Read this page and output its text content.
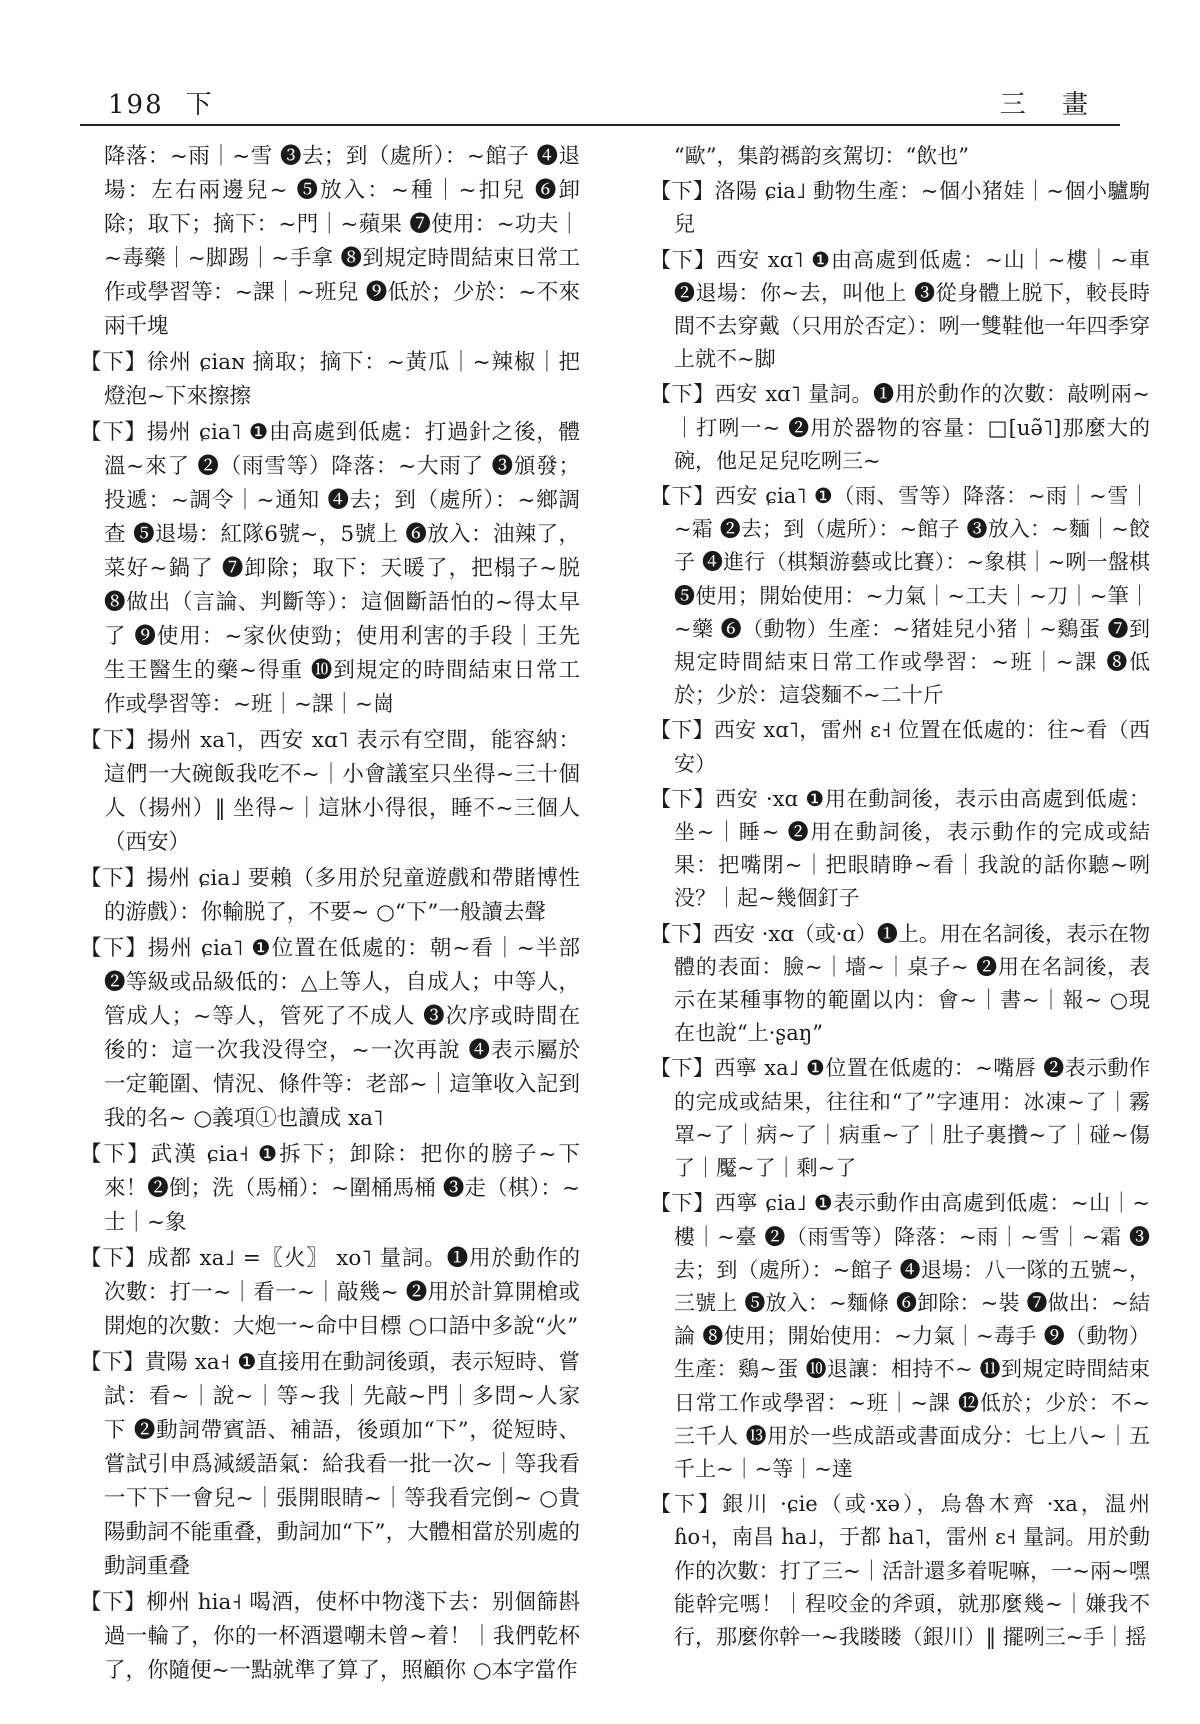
198 下	三 畫
降落：~雨｜~雪 ❸去；到（處所）：~館子 ❹退場：左右兩邊兒~ ❺放入：~種｜~扣兒 ❻卸除；取下；摘下：~門｜~蘋果 ❼使用：~功夫｜~毒藥｜~脚踢｜~手拿 ❽到規定時間結束日常工作或學習等：~課｜~班兒 ❾低於；少於：~不來兩千塊
【下】徐州 ɕiaɴ 摘取；摘下：~黃瓜｜~辣椒｜把燈泡~下來擦擦
【下】揚州 ɕia˥ ❶由高處到低處：打過針之後，體溫~來了 ❷（雨雪等）降落：~大雨了 ❸頒發；投遞：~調令｜~通知 ❹去；到（處所）：~鄉調查 ❺退場：紅隊6號~，5號上 ❻放入：油辣了，菜好~鍋了 ❼卸除；取下：天暖了，把榻子~脱 ❽做出（言論、判斷等）：這個斷語怕的~得太早了 ❾使用：~家伙使勁；使用利害的手段｜王先生王醫生的藥~得重 ❿到規定的時間結束日常工作或學習等：~班｜~課｜~崗
【下】揚州 xa˥，西安 xɑ˥ 表示有空間，能容納：這們一大碗飯我吃不~｜小會議室只坐得~三十個人（揚州）‖ 坐得~｜這牀小得很，睡不~三個人（西安）
【下】揚州 ɕia˩ 要賴（多用於兒童遊戲和帶賭博性的游戲）：你輸脱了，不要~ ○“下”一般讀去聲
【下】揚州 ɕia˥ ❶位置在低處的：朝~看｜~半部 ❷等級或品級低的：△上等人，自成人；中等人，管成人；~等人，管死了不成人 ❸次序或時間在後的：這一次我没得空，~一次再說 ❹表示屬於一定範圍、情況、條件等：老部~｜這筆收入記到我的名~ ○義項①也讀成 xa˥
【下】武漢 ɕia˧ ❶拆下；卸除：把你的膀子~下來！❷倒；洗（馬桶）：~圍桶馬桶 ❸走（棋）：~士｜~象
【下】成都 xa˩ =〖火〗 xo˥ 量詞。❶用於動作的次數：打一~｜看一~｜敲幾~ ❷用於計算開槍或開炮的次數：大炮一~命中目標 ○口語中多說“火”
【下】貴陽 xa˧ ❶直接用在動詞後頭，表示短時、嘗試：看~｜說~｜等~我｜先敲~門｜多問~人家下 ❷動詞帶賓語、補語，後頭加“下”，從短時、嘗試引申爲減緩語氣：給我看一批一次~｜等我看一下下一會兒~｜張開眼睛~｜等我看完倒~ ○貴陽動詞不能重叠，動詞加“下”，大體相當於别處的動詞重叠
【下】柳州 hia˧ 喝酒，使杯中物淺下去：别個篩斟過一輪了，你的一杯酒還嘲未曾~着！｜我們乾杯了，你隨便~一點就準了算了，照顧你 ○本字當作
“歐”，集韵禡韵亥駕切：“飲也”
【下】洛陽 ɕia˩ 動物生產：~個小猪娃｜~個小驢駒兒
【下】西安 xɑ˥ ❶由高處到低處：~山｜~樓｜~車 ❷退場：你~去，叫他上 ❸從身體上脱下，較長時間不去穿戴（只用於否定）：咧一雙鞋他一年四季穿上就不~脚
【下】西安 xɑ˥ 量詞。❶用於動作的次數：敲咧兩~｜打咧一~ ❷用於器物的容量：□[uə̃˥]那麼大的碗，他足足兒吃咧三~
【下】西安 ɕia˥ ❶（雨、雪等）降落：~雨｜~雪｜~霜 ❷去；到（處所）：~館子 ❸放入：~麵｜~餃子 ❹進行（棋類游藝或比賽）：~象棋｜~咧一盤棋 ❺使用；開始使用：~力氣｜~工夫｜~刀｜~筆｜~藥 ❻（動物）生產：~猪娃兒小猪｜~鷄蛋 ❼到規定時間結束日常工作或學習：~班｜~課 ❽低於；少於：這袋麵不~二十斤
【下】西安 xɑ˥，雷州 ɛ˧ 位置在低處的：往~看（西安）
【下】西安 ·xɑ ❶用在動詞後，表示由高處到低處：坐~｜睡~ ❷用在動詞後，表示動作的完成或結果：把嘴閉~｜把眼睛睁~看｜我說的話你聽~咧没？｜起~幾個釘子
【下】西安 ·xɑ（或·ɑ）❶上。用在名詞後，表示在物體的表面：臉~｜墻~｜桌子~ ❷用在名詞後，表示在某種事物的範圍以内：會~｜書~｜報~ ○現在也說“上·ʂaŋ”
【下】西寧 xa˩ ❶位置在低處的：~嘴唇 ❷表示動作的完成或結果，往往和“了”字連用：冰凍~了｜霧罩~了｜病~了｜病重~了｜肚子裏攢~了｜碰~傷了｜魘~了｜剩~了
【下】西寧 ɕia˩ ❶表示動作由高處到低處：~山｜~樓｜~臺 ❷（雨雪等）降落：~雨｜~雪｜~霜 ❸去；到（處所）：~館子 ❹退場：八一隊的五號~，三號上 ❺放入：~麵條 ❻卸除：~裝 ❼做出：~結論 ❽使用；開始使用：~力氣｜~毒手 ❾（動物）生產：鷄~蛋 ❿退讓：相持不~ ⓫到規定時間結束日常工作或學習：~班｜~課 ⓬低於；少於：不~三千人 ⓭用於一些成語或書面成分：七上八~｜五千上~｜~等｜~達
【下】銀川 ·ɕie（或·xə），烏魯木齊 ·xa，温州 ɦo˧，南昌 ha˩，于都 ha˥，雷州 ɛ˧ 量詞。用於動作的次數：打了三~｜活計還多着呢嘛，一~兩~嘿能幹完嗎！｜程咬金的斧頭，就那麼幾~｜嫌我不行，那麼你幹一~我䁖䁖（銀川）‖ 擺咧三~手｜摇
